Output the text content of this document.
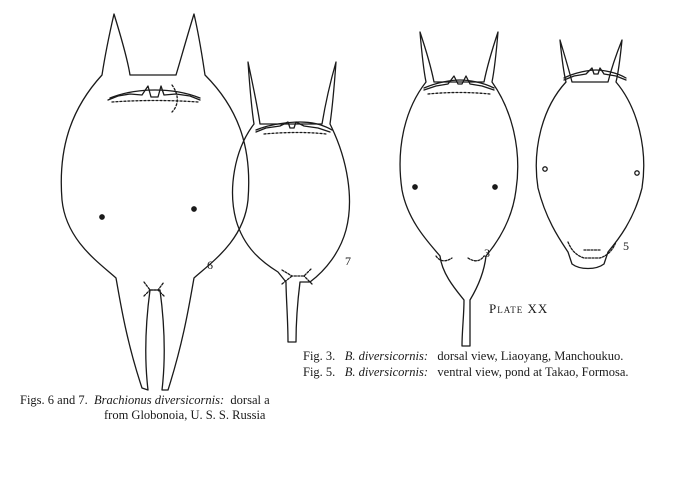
6	7
3	5
Plate XX
Fig. 3. B. diversicornis: dorsal view, Liaoyang, Manchoukuo.
Fig. 5. B. diversicornis: ventral view, pond at Takao, Formosa.
Figs. 6 and 7. Brachionus diversicornis: dorsal a
from Globonoia, U. S. S. Russia
